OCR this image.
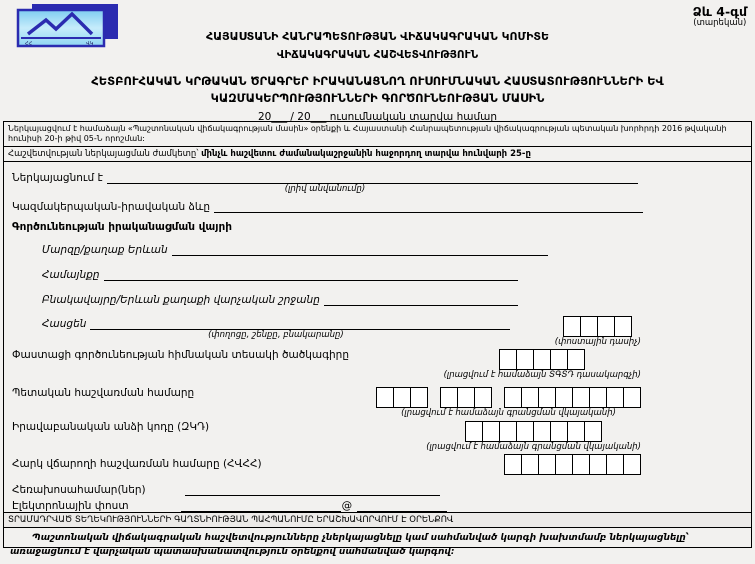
ՀՀ	ՎԿ
Ձև 4-գմ
(տարեկան)
ՀԱՅԱՍՏԱՆԻ ՀԱՆՐԱՊԵՏՈՒԹՅԱՆ ՎԻՃԱԿԱԳՐԱԿԱՆ ԿՈՄԻՏԵ
ՎԻՃԱԿԱԳՐԱԿԱՆ ՀԱՇՎԵՏՎՈՒԹՅՈՒՆ
ՀԵՏԲՈՒՀԱԿԱՆ ԿՐԹԱԿԱՆ ԾՐԱԳՐԵՐ ԻՐԱԿԱՆԱՑՆՈՂ ՈՒՍՈՒՄՆԱԿԱՆ ՀԱՍՏԱՏՈՒԹՅՈՒՆՆԵՐԻ ԵՎ
ԿԱԶՄԱԿԵՐՊՈՒԹՅՈՒՆՆԵՐԻ ԳՈՐԾՈՒՆԵՈՒԹՅԱՆ ՄԱՍԻՆ
20___ / 20___ ուսումնական տարվա համար
Ներկայացվում է համաձայն «Պաշտոնական վիճակագրության մասին» օրենքի և Հայաստանի Հանրապետության վիճակագրության պետական խորհրդի 2016 թվականի հունիսի 20-ի թիվ 05-Ն որոշման:
Հաշվետվության ներկայացման ժամկետը՝ մինչև հաշվետու ժամանակաշրջանին հաջորդող տարվա հունվարի 25-ը
Ներկայացնում է
(լրիվ անվանումը)
Կազմակերպական-իրավական ձևը
Գործունեության իրականացման վայրի
Մարզը/քաղաք Երևան
Համայնքը
Բնակավայրը/Երևան քաղաքի վարչական շրջանը
Հասցեն
(փողոցը, շենքը, բնակարանը)
(փոստային դասիչ)
Փաստացի գործունեության հիմնական տեսակի ծածկագիրը
(լրացվում է համաձայն ՏԳՏԴ դասակարգչի)
Պետական հաշվառման համարը
(լրացվում է համաձայն գրանցման վկայականի)
Իրավաբանական անձի կոդը (ԶԿԴ)
(լրացվում է համաձայն գրանցման վկայականի)
Հարկ վճարողի հաշվառման համարը (ՀՎՀՀ)
Հեռախոսահամար(ներ)
Էլեկտրոնային փոստ	@
ՏՐԱՄԱԴՐՎԱԾ ՏԵՂԵԿՈՒԹՅՈՒՆՆԵՐԻ ԳԱՂՏՆԻՈՒԹՅԱՆ ՊԱՀՊԱՆՈՒՄԸ ԵՐԱՇԽԱՎՈՐՎՈՒՄ Է ՕՐԵՆՔՈՎ
Պաշտոնական վիճակագրական հաշվետվությունները չներկայացնելը կամ սահմանված կարգի խախտմամբ ներկայացնելը՝ առաջացնում է վարչական պատասխանատվություն օրենքով սահմանված կարգով:
